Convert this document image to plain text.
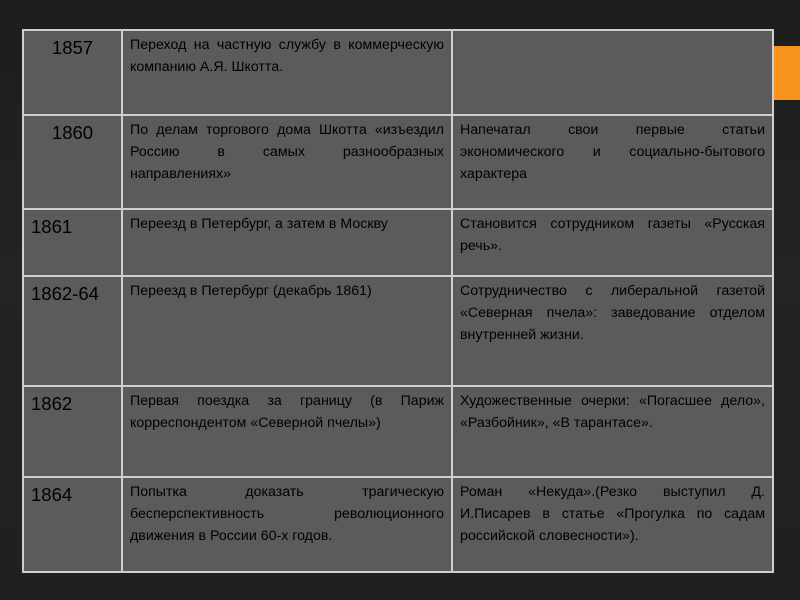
1857	Переход на частную службу в коммерческую компанию А.Я. Шкотта.	
1860	По делам торгового дома Шкотта «изъездил Россию в самых разнообразных направлениях»	Напечатал свои первые статьи экономического и социально-бытового характера
1861	Переезд в Петербург, а затем в Москву	Становится сотрудником газеты «Русская речь».
1862-64	Переезд в Петербург (декабрь 1861)	Сотрудничество с либеральной газетой «Северная пчела»: заведование отделом внутренней жизни.
1862	Первая поездка за границу (в Париж корреспондентом «Северной пчелы»)	Художественные очерки: «Погасшее дело», «Разбойник», «В тарантасе».
1864	Попытка доказать трагическую бесперспективность революционного движения в России 60-х годов.	Роман «Некуда».(Резко выступил Д. И.Писарев в статье «Прогулка по садам российской словесности»).
